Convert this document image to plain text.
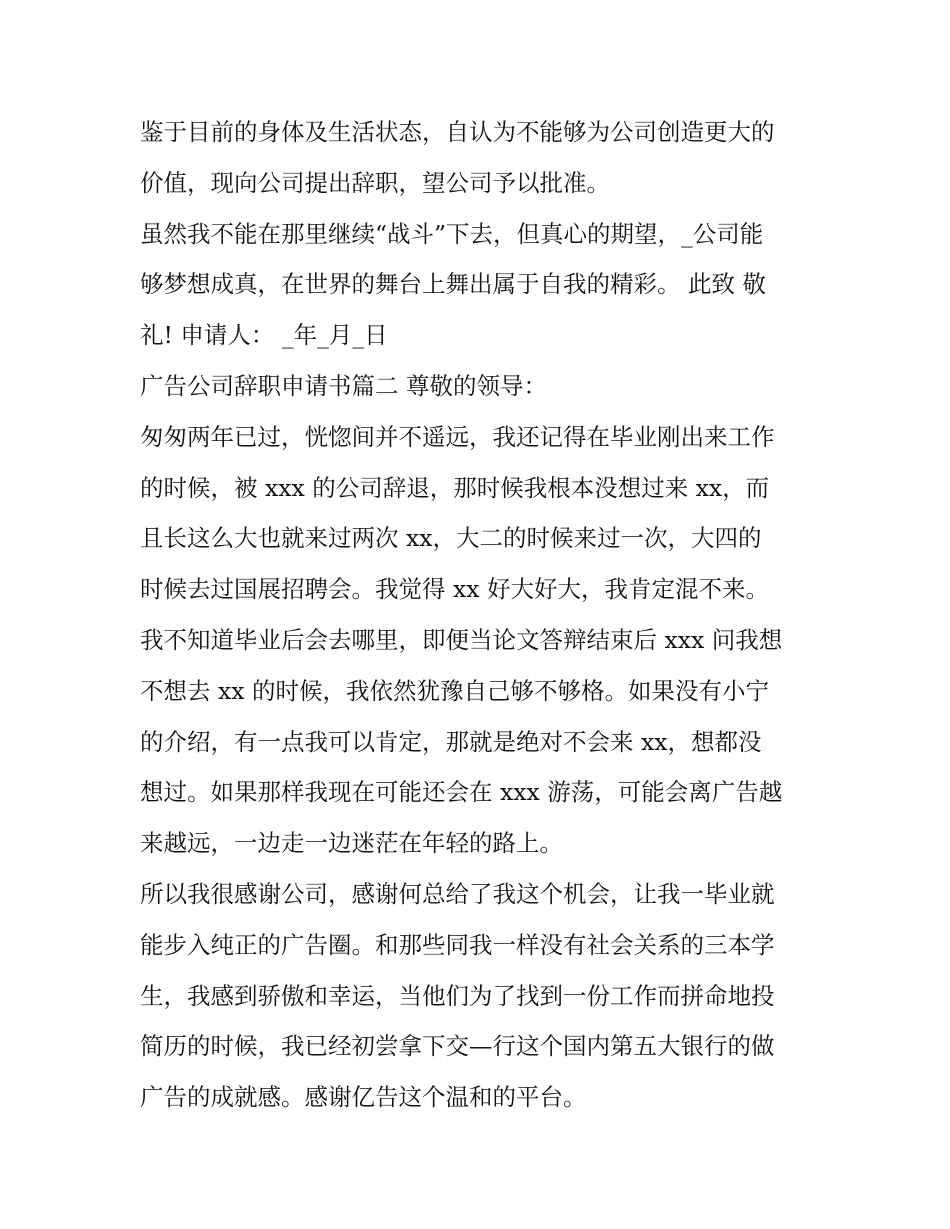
鉴于目前的身体及生活状态，自认为不能够为公司创造更大的
价值，现向公司提出辞职，望公司予以批准。
虽然我不能在那里继续“战斗”下去，但真心的期望，_公司能
够梦想成真，在世界的舞台上舞出属于自我的精彩。 此致 敬
礼! 申请人： _年_月_日
广告公司辞职申请书篇二 尊敬的领导：
匆匆两年已过，恍惚间并不遥远，我还记得在毕业刚出来工作
的时候，被 xxx 的公司辞退，那时候我根本没想过来 xx，而
且长这么大也就来过两次 xx，大二的时候来过一次，大四的
时候去过国展招聘会。我觉得 xx 好大好大，我肯定混不来。
我不知道毕业后会去哪里，即便当论文答辩结束后 xxx 问我想
不想去 xx 的时候，我依然犹豫自己够不够格。如果没有小宁
的介绍，有一点我可以肯定，那就是绝对不会来 xx，想都没
想过。如果那样我现在可能还会在 xxx 游荡，可能会离广告越
来越远，一边走一边迷茫在年轻的路上。
所以我很感谢公司，感谢何总给了我这个机会，让我一毕业就
能步入纯正的广告圈。和那些同我一样没有社会关系的三本学
生，我感到骄傲和幸运，当他们为了找到一份工作而拼命地投
简历的时候，我已经初尝拿下交—行这个国内第五大银行的做
广告的成就感。感谢亿告这个温和的平台。
